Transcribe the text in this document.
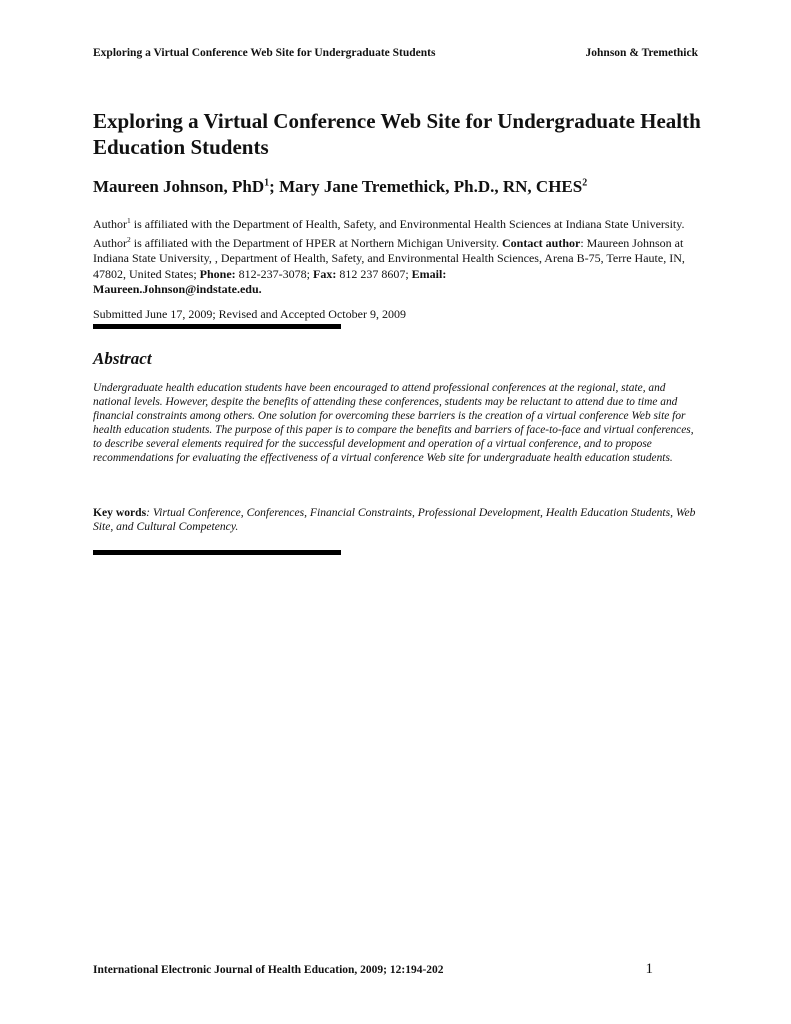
Exploring a Virtual Conference Web Site for Undergraduate Students	Johnson & Tremethick
Exploring a Virtual Conference Web Site for Undergraduate Health Education Students

Maureen Johnson, PhD$^1$; Mary Jane Tremethick, Ph.D., RN, CHES$^2$

Author$^1$ is affiliated with the Department of Health, Safety, and Environmental Health Sciences at Indiana State University. Author$^2$ is affiliated with the Department of HPER at Northern Michigan University. Contact author: Maureen Johnson at Indiana State University, , Department of Health, Safety, and Environmental Health Sciences, Arena B-75, Terre Haute, IN, 47802, United States; Phone: 812-237-3078; Fax: 812 237 8607; Email:
Maureen.Johnson@indstate.edu.

Submitted June 17, 2009; Revised and Accepted October 9, 2009

Abstract

Undergraduate health education students have been encouraged to attend professional conferences at the regional, state, and national levels. However, despite the benefits of attending these conferences, students may be reluctant to attend due to time and financial constraints among others. One solution for overcoming these barriers is the creation of a virtual conference Web site for health education students. The purpose of this paper is to compare the benefits and barriers of face-to-face and virtual conferences, to describe several elements required for the successful development and operation of a virtual conference, and to propose recommendations for evaluating the effectiveness of a virtual conference Web site for undergraduate health education students.

Key words: Virtual Conference, Conferences, Financial Constraints, Professional Development, Health Education Students, Web Site, and Cultural Competency.

International Electronic Journal of Health Education, 2009; 12:194-202	1
